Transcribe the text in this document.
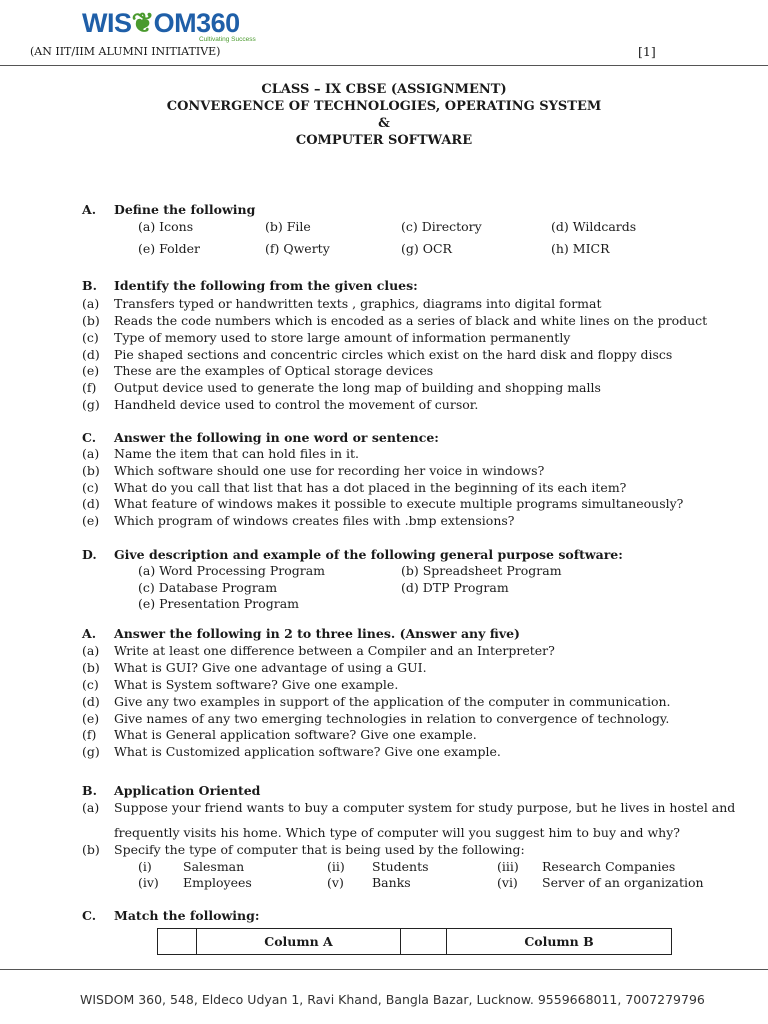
WIS❦OM360
Cultivating Success
(AN IIT/IIM ALUMNI INITIATIVE)	[1]
CLASS – IX CBSE (ASSIGNMENT)
CONVERGENCE OF TECHNOLOGIES, OPERATING SYSTEM
&
COMPUTER SOFTWARE
A. Define the following
(a) Icons	(b) File	(c) Directory	(d) Wildcards
(e) Folder	(f) Qwerty	(g) OCR	(h) MICR
B. Identify the following from the given clues:
(a) Transfers typed or handwritten texts , graphics, diagrams into digital format
(b) Reads the code numbers which is encoded as a series of black and white lines on the product
(c) Type of memory used to store large amount of information permanently
(d) Pie shaped sections and concentric circles which exist on the hard disk and floppy discs
(e) These are the examples of Optical storage devices
(f) Output device used to generate the long map of building and shopping malls
(g) Handheld device used to control the movement of cursor.
C. Answer the following in one word or sentence:
(a) Name the item that can hold files in it.
(b) Which software should one use for recording her voice in windows?
(c) What do you call that list that has a dot placed in the beginning of its each item?
(d) What feature of windows makes it possible to execute multiple programs simultaneously?
(e) Which program of windows creates files with .bmp extensions?
D. Give description and example of the following general purpose software:
(a) Word Processing Program	(b) Spreadsheet Program
(c) Database Program	(d) DTP Program
(e) Presentation Program
A. Answer the following in 2 to three lines. (Answer any five)
(a) Write at least one difference between a Compiler and an Interpreter?
(b) What is GUI? Give one advantage of using a GUI.
(c) What is System software? Give one example.
(d) Give any two examples in support of the application of the computer in communication.
(e) Give names of any two emerging technologies in relation to convergence of technology.
(f) What is General application software? Give one example.
(g) What is Customized application software? Give one example.
B. Application Oriented
(a) Suppose your friend wants to buy a computer system for study purpose, but he lives in hostel and
frequently visits his home. Which type of computer will you suggest him to buy and why?
(b) Specify the type of computer that is being used by the following:
(i) Salesman	(ii) Students	(iii) Research Companies
(iv) Employees	(v) Banks	(vi) Server of an organization
C. Match the following:
	Column A		Column B
WISDOM 360, 548, Eldeco Udyan 1, Ravi Khand, Bangla Bazar, Lucknow. 9559668011, 7007279796
